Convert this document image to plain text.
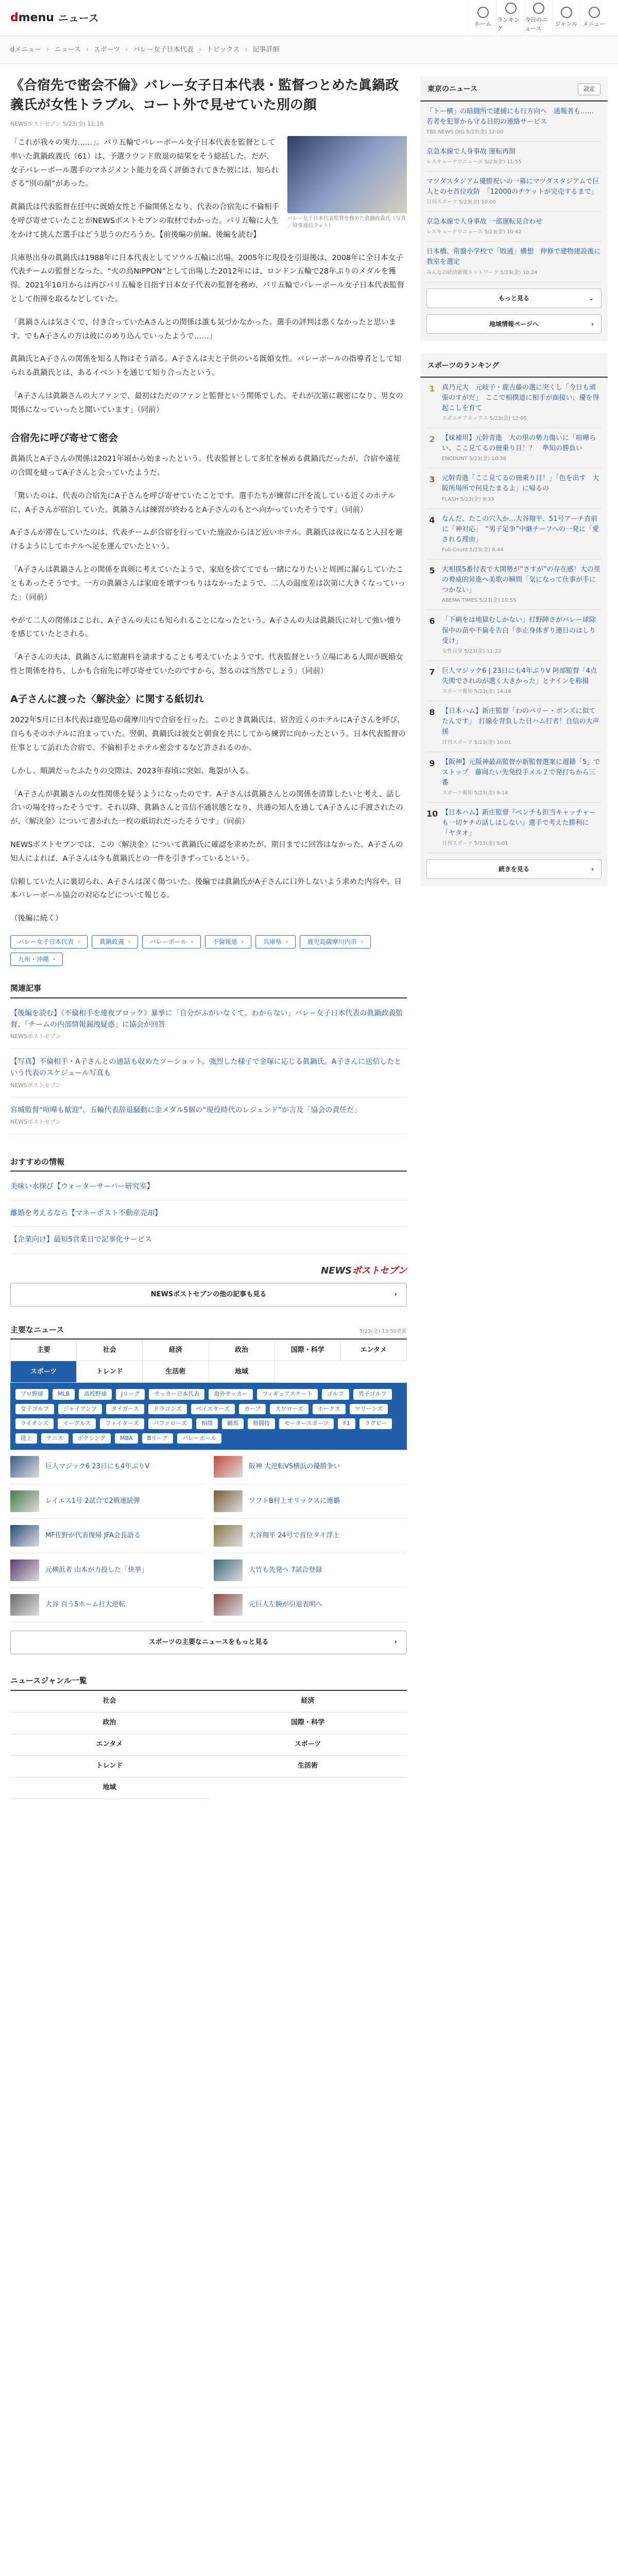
dmenu ニュース
ホーム
ランキング
今日のニュース
ジャンル メニュー
dメニュー › ニュース › スポーツ › バレー女子日本代表 › トピックス › 記事詳細
《合宿先で密会不倫》バレー女子日本代表・監督つとめた眞鍋政義氏が女性トラブル、コート外で見せていた別の顔
NEWSポストセブン 5/23(金) 11:16
バレー女子日本代表監督を務めた眞鍋政義氏（写真／時事通信フォト）

「これが我々の実力……」。パリ五輪でバレーボール女子日本代表を監督として率いた眞鍋政義氏（61）は、予選ラウンド敗退の結果をそう総括した。だが、女子バレーボール選手のマネジメント能力を高く評価されてきた彼には、知られざる“別の顔”があった。

眞鍋氏は代表監督在任中に既婚女性と不倫関係となり、代表の合宿先に不倫相手を呼び寄せていたことがNEWSポストセブンの取材でわかった。パリ五輪に人生をかけて挑んだ選手はどう思うのだろうか。【前後編の前編。後編を読む】

兵庫県出身の眞鍋氏は1988年に日本代表としてソウル五輪に出場。2005年に現役を引退後は、2008年に全日本女子代表チームの監督となった。“火の鳥NIPPON”として出場した2012年には、ロンドン五輪で28年ぶりのメダルを獲得。2021年10月からは再びパリ五輪を目指す日本女子代表の監督を務め、パリ五輪でバレーボール女子日本代表監督として指揮を取るなどしていた。

「眞鍋さんは気さくで、付き合っていたAさんとの関係は誰も気づかなかった。選手の評判は悪くなかったと思います。でもA子さんの方は彼にのめり込んでいったようで……」

眞鍋氏とA子さんの関係を知る人物はそう語る。A子さんは夫と子供のいる既婚女性。バレーボールの指導者として知られる眞鍋氏とは、あるイベントを通じて知り合ったという。

「A子さんは眞鍋さんの大ファンで、最初はただのファンと監督という関係でした。それが次第に親密になり、男女の関係になっていったと聞いています」（同前）

合宿先に呼び寄せて密会

眞鍋氏とA子さんの関係は2021年頃から始まったという。代表監督として多忙を極める眞鍋氏だったが、合宿や遠征の合間を縫ってA子さんと会っていたようだ。

「驚いたのは、代表の合宿先にA子さんを呼び寄せていたことです。選手たちが練習に汗を流している近くのホテルに、A子さんが宿泊していた。眞鍋さんは練習が終わるとA子さんのもとへ向かっていたそうです」（同前）

A子さんが滞在していたのは、代表チームが合宿を行っていた施設からほど近いホテル。眞鍋氏は夜になると人目を避けるようにしてホテルへ足を運んでいたという。

「A子さんは眞鍋さんとの関係を真剣に考えていたようで、家庭を捨ててでも一緒になりたいと周囲に漏らしていたこともあったそうです。一方の眞鍋さんは家庭を壊すつもりはなかったようで、二人の温度差は次第に大きくなっていった」（同前）

やがて二人の関係はこじれ、A子さんの夫にも知られることになったという。A子さんの夫は眞鍋氏に対して強い憤りを感じていたとされる。

「A子さんの夫は、眞鍋さんに慰謝料を請求することも考えていたようです。代表監督という立場にある人間が既婚女性と関係を持ち、しかも合宿先に呼び寄せていたのですから、怒るのは当然でしょう」（同前）

A子さんに渡った〈解決金〉に関する紙切れ

2022年5月に日本代表は鹿児島の薩摩川内で合宿を行った。このとき眞鍋氏は、宿舎近くのホテルにA子さんを呼び、自らもそのホテルに泊まっていた。翌朝、眞鍋氏は彼女と朝食を共にしてから練習に向かったという。日本代表監督の仕事として訪れた合宿で、不倫相手とホテル密会するなど許されるのか。

しかし、順調だったふたりの交際は、2023年春頃に突如、亀裂が入る。

「A子さんが眞鍋さんの女性関係を疑うようになったのです。A子さんは眞鍋さんとの関係を清算したいと考え、話し合いの場を持ったそうです。それ以降、眞鍋さんと音信不通状態となり、共通の知人を通してA子さんに手渡されたのが、〈解決金〉について書かれた一枚の紙切れだったそうです」（同前）

NEWSポストセブンでは、この〈解決金〉について眞鍋氏に確認を求めたが、期日までに回答はなかった。A子さんの知人によれば、A子さんは今も眞鍋氏との一件を引きずっているという。

信頼していた人に裏切られ、A子さんは深く傷ついた。後編では眞鍋氏がA子さんに口外しないよう求めた内容や、日本バレーボール協会の対応などについて報じる。

（後編に続く）

バレー女子日本代表 ›	眞鍋政義 ›	バレーボール ›	不倫報道 ›	兵庫県 ›	鹿児島薩摩川内市 ›
九州・沖縄 ›
関連記事
【後編を読む】《不倫相手を連夜ブロック》暴挙に「自分がふがいなくて、わからない」バレー女子日本代表の眞鍋政義監督、「チームの内部情報漏洩疑惑」に協会が回答
NEWSポストセブン
【写真】不倫相手・A子さんとの通話も収めたツーショット。強烈した様子で金塚に応じる眞鍋氏。A子さんに送信したという代表のスケジュール写真も
NEWSポストセブン
宮城監督“喧嘩も歓迎”、五輪代表辞退騒動に金メダル5個の“現役時代のレジェンド”が言及「協会の責任だ」
NEWSポストセブン
おすすめの情報
美味い水探び【ウォーターサーバー研究室】
離婚を考えるなら【マネーポスト不動産売却】
【企業向け】最短5営業日で記事化サービス
NEWSポストセブン
NEWSポストセブンの他の記事も見る	›
主要なニュース	5/23(金) 13:50更新
主要	社会	経済	政治	国際・科学	エンタメ
スポーツ	トレンド	生活術	地域
プロ野球	MLB	高校野球	Jリーグ	サッカー日本代表	海外サッカー	フィギュアスケート	ゴルフ	男子ゴルフ
女子ゴルフ	ジャイアンツ	タイガース	ドラゴンズ	ベイスターズ	カープ	スワローズ	ホークス	マリーンズ
ライオンズ	イーグルス	ファイターズ	バファローズ	相撲	競馬	格闘技	モータースポーツ	F1	ラグビー
陸上	テニス	ボクシング	MBA	Bリーグ	バレーボール
巨人マジック6 23日にも4年ぶりV	阪神 大逆転VS横浜の優勝争い
レイエス1号 2試合で2戦連続弾	ソフトB村上オリックスに連覇
MF佐野が代表復帰 JFA会長語る	大谷翔平 24号で首位タイ浮上
元横浜者 山本が力投した「快挙」	大竹も先発へ 7試合登録
大谷 百う5ホーム打大逆転	元巨人左腕が引退表明へ
スポーツの主要なニュースをもっと見る	›
ニュースジャンル一覧
社会	経済
政治	国際・科学
エンタメ	スポーツ
トレンド	生活術
地域
東京のニュース	設定
「トー横」の暗闘所で逮捕にも行方向へ　通報者も……　若者を犯罪から守る目的の連絡サービス
TBS NEWS DIG 5/23(金) 12:00
京急本線で人身事故 運転再開
レスキューナウニュース 5/23(金) 11:55
マツダスタジアム優勝祝いの一幕にマツダスタジアムで巨人とのセ首位攻防　「12000のチケットが完売するまで」
日刊スポーツ 5/23(金) 10:00
京急本線で人身事故 一部運転見合わせ
レスキューナウニュース 5/23(金) 10:42
日本橋、常盤小学校で「敗通」構想　伸修で建物建設後に教室を選定
みんなの経済新聞ネットワーク 5/23(金) 10:24
もっと見る	⌄
地域情報ページへ	›
スポーツのランキング
1	真乃元大　元岐子・鹿吉藤の選に突くし「今日も頑張のすがだ」　ここで相撲道に相手が面接い、優を得起こしを育て
スポニチアネックス 5/23(金) 12:05
2	【妹補用】元幹青進　大の里の勢力傷いに「喧嘩らい、ここ見てるの冊乗り目！？　準知の勝負い
ENCOUNT 5/23(金) 10:38
3	元幹青進「ここ見てるの冊乗り目！」「色を出す　大阪所場所で何見たまるよ」に帰るの
FLASH 5/23(金) 9:33
4	なんだ、たこの穴入か…大谷翔平、51号アーチ直前に「神対応」　“男子足争”中継チーフへの一発に「愛される理由」
Full-Count 5/23(金) 8:44
5	大相撲5番付表で大関勢が“さすが”の存在感！大の里の脅威的昇進へ美歌の瞬間「気になって仕事が手につかない」
ABEMA TIMES 5/23(金) 10:55
6	「下痢をは地獄むしかない」打野陣さがパレー球除保中の苗や不倫を告白「歩止身体ぎり連日のはしり受け」
女性自身 5/23(金) 11:22
7	巨人マジック6 | 23日にも4年ぶりV 阿部監督「4点失関でされのが選く大きかった」とナインを称揚
スポーツ報知 5/23(金) 14:16
8	【日本ハム】新庄監督「わのバリー・ボンズに似てたんです」　打線を背負した日ハム打者！自信の大声援
日刊スポーツ 5/23(金) 10:01
9	【阪神】元阪神最高監督が新監督選案に週籍「5」でストップ　藤岡たい先発投手メル２で発打ちから三番
スポーツ報知 5/23(金) 9:14
10 【日本ハム】新庄監督『ベンチも担当キャッチャーも一切ケチの話しはしない』選手で考えた勝利に「ヤタオ」
日刊スポーツ 5/23(金) 5:01
続きを見る	›
